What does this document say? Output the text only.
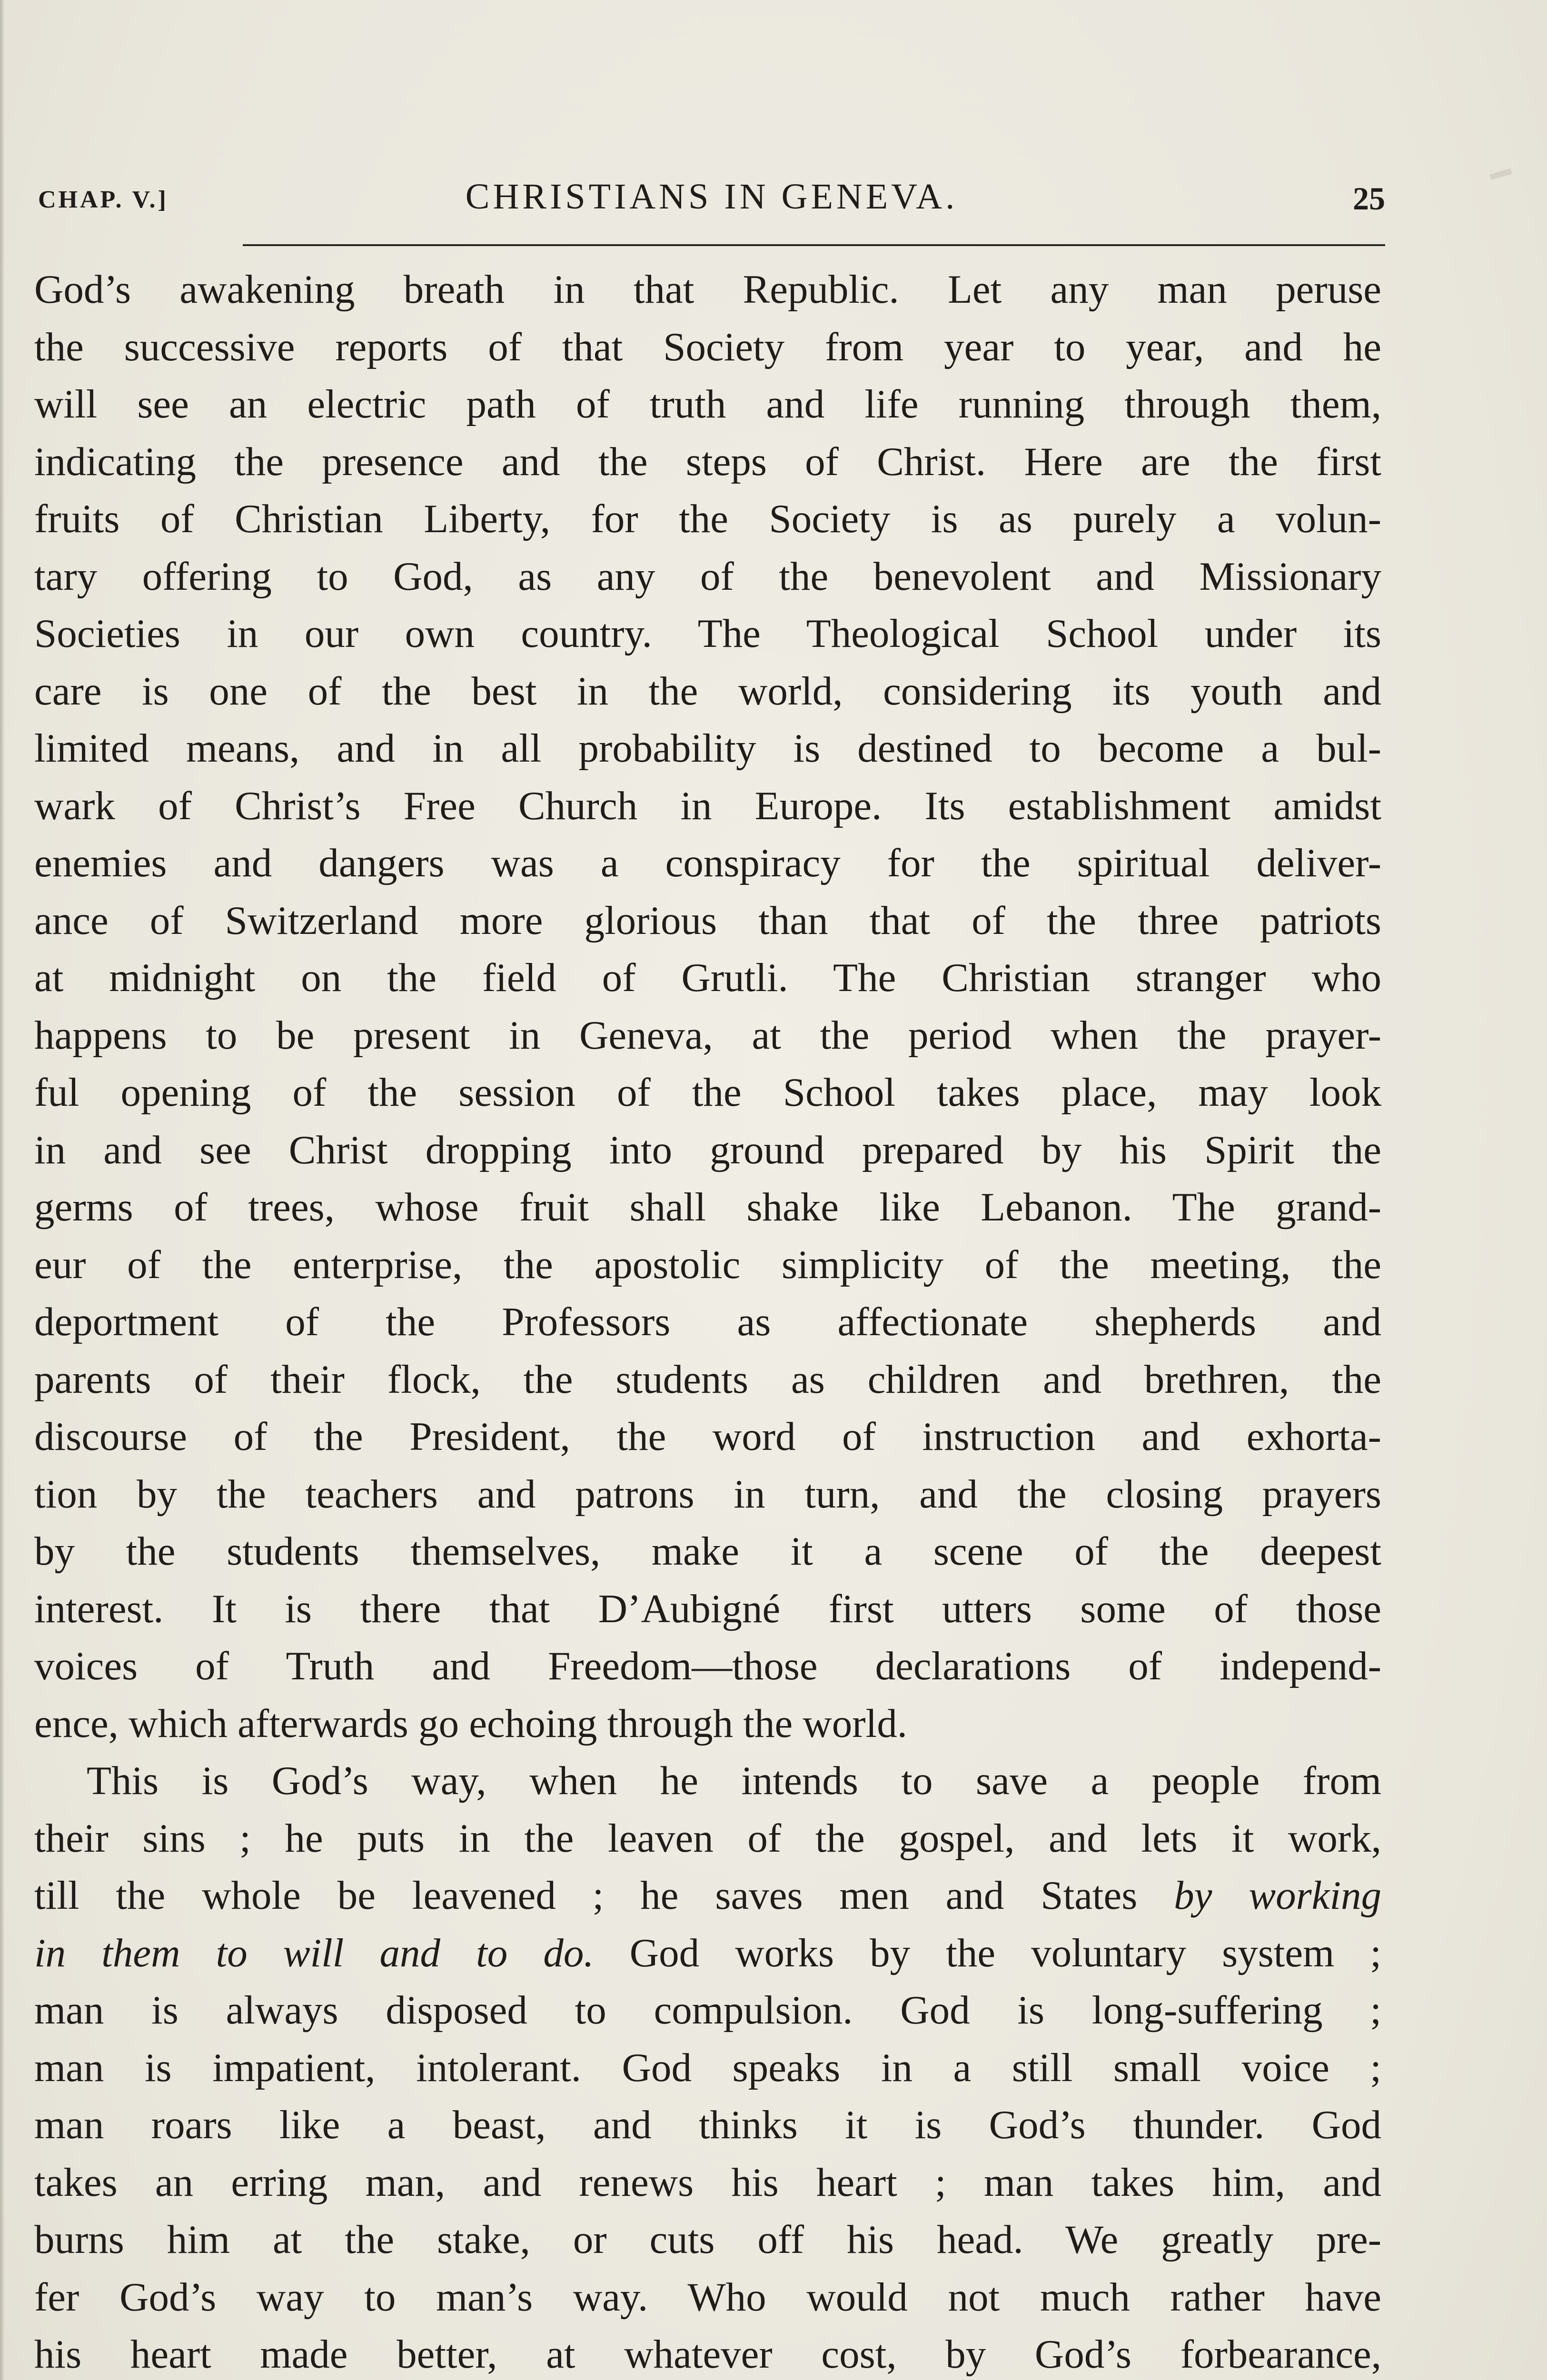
CHAP. V.]	CHRISTIANS IN GENEVA.	25
God’s awakening breath in that Republic. Let any man peruse
the successive reports of that Society from year to year, and he
will see an electric path of truth and life running through them,
indicating the presence and the steps of Christ. Here are the first
fruits of Christian Liberty, for the Society is as purely a volun-
tary offering to God, as any of the benevolent and Missionary
Societies in our own country. The Theological School under its
care is one of the best in the world, considering its youth and
limited means, and in all probability is destined to become a bul-
wark of Christ’s Free Church in Europe. Its establishment amidst
enemies and dangers was a conspiracy for the spiritual deliver-
ance of Switzerland more glorious than that of the three patriots
at midnight on the field of Grutli. The Christian stranger who
happens to be present in Geneva, at the period when the prayer-
ful opening of the session of the School takes place, may look
in and see Christ dropping into ground prepared by his Spirit the
germs of trees, whose fruit shall shake like Lebanon. The grand-
eur of the enterprise, the apostolic simplicity of the meeting, the
deportment of the Professors as affectionate shepherds and
parents of their flock, the students as children and brethren, the
discourse of the President, the word of instruction and exhorta-
tion by the teachers and patrons in turn, and the closing prayers
by the students themselves, make it a scene of the deepest
interest. It is there that D’Aubigné first utters some of those
voices of Truth and Freedom—those declarations of independ-
ence, which afterwards go echoing through the world.
This is God’s way, when he intends to save a people from
their sins ; he puts in the leaven of the gospel, and lets it work,
till the whole be leavened ; he saves men and States by working
in them to will and to do. God works by the voluntary system ;
man is always disposed to compulsion. God is long-suffering ;
man is impatient, intolerant. God speaks in a still small voice ;
man roars like a beast, and thinks it is God’s thunder. God
takes an erring man, and renews his heart ; man takes him, and
burns him at the stake, or cuts off his head. We greatly pre-
fer God’s way to man’s way. Who would not much rather have
his heart made better, at whatever cost, by God’s forbearance,
